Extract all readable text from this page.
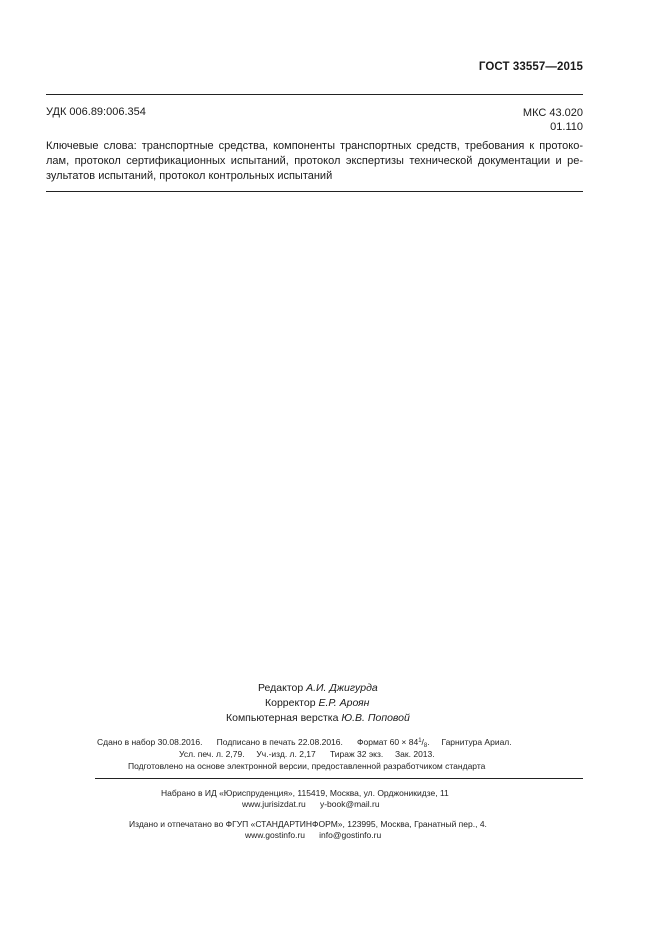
ГОСТ 33557—2015
УДК 006.89:006.354	МКС 43.020
01.110
Ключевые слова: транспортные средства, компоненты транспортных средств, требования к протоко-
лам, протокол сертификационных испытаний, протокол экспертизы технической документации и ре-
зультатов испытаний, протокол контрольных испытаний
Редактор А.И. Джигурда
Корректор Е.Р. Ароян
Компьютерная верстка Ю.В. Поповой
Сдано в набор 30.08.2016. Подписано в печать 22.08.2016. Формат $60 \times 84^1/_8$. Гарнитура Ариал.
Усл. печ. л. 2,79. Уч.-изд. л. 2,17 Тираж 32 экз. Зак. 2013.
Подготовлено на основе электронной версии, предоставленной разработчиком стандарта
Набрано в ИД «Юриспруденция», 115419, Москва, ул. Орджоникидзе, 11
www.jurisizdat.ru y-book@mail.ru
Издано и отпечатано во ФГУП «СТАНДАРТИНФОРМ», 123995, Москва, Гранатный пер., 4.
www.gostinfo.ru info@gostinfo.ru
